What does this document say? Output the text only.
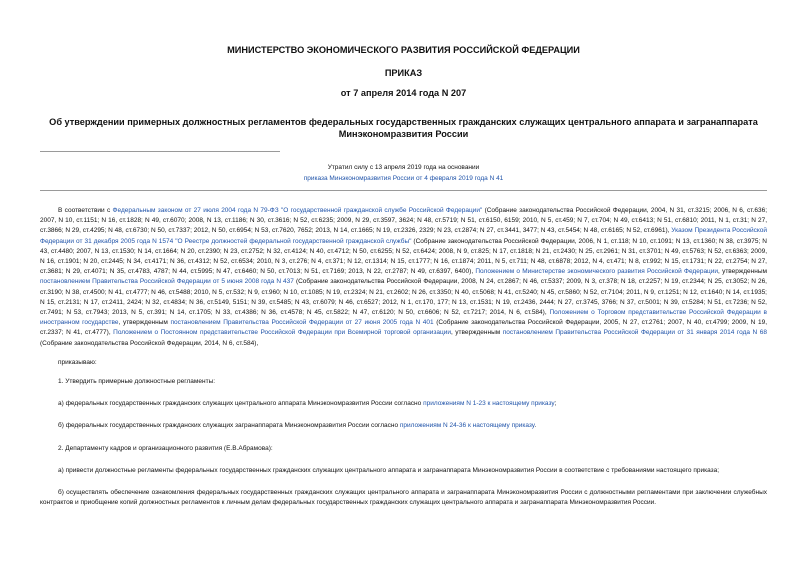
МИНИСТЕРСТВО ЭКОНОМИЧЕСКОГО РАЗВИТИЯ РОССИЙСКОЙ ФЕДЕРАЦИИ
ПРИКАЗ
от 7 апреля 2014 года N 207
Об утверждении примерных должностных регламентов федеральных государственных гражданских служащих центрального аппарата и загранаппарата
Минэкономразвития России
Утратил силу с 13 апреля 2019 года на основании
приказа Минэкономразвития России от 4 февраля 2019 года N 41

В соответствии с Федеральным законом от 27 июля 2004 года N 79-ФЗ "О государственной гражданской службе Российской Федерации" (Собрание законодательства Российской Федерации, 2004, N 31, ст.3215; 2006, N 6, ст.636; 2007, N 10, ст.1151; N 16, ст.1828; N 49, ст.6070; 2008, N 13, ст.1186; N 30, ст.3616; N 52, ст.6235; 2009, N 29, ст.3597, 3624; N 48, ст.5719; N 51, ст.6150, 6159; 2010, N 5, ст.459; N 7, ст.704; N 49, ст.6413; N 51, ст.6810; 2011, N 1, ст.31; N 27, ст.3866; N 29, ст.4295; N 48, ст.6730; N 50, ст.7337; 2012, N 50, ст.6954; N 53, ст.7620, 7652; 2013, N 14, ст.1665; N 19, ст.2326, 2329; N 23, ст.2874; N 27, ст.3441, 3477; N 43, ст.5454; N 48, ст.6165; N 52, ст.6961), Указом Президента Российской Федерации от 31 декабря 2005 года N 1574 "О Реестре должностей федеральной государственной гражданской службы" (Собрание законодательства Российской Федерации, 2006, N 1, ст.118; N 10, ст.1091; N 13, ст.1360; N 38, ст.3975; N 43, ст.4480; 2007, N 13, ст.1530; N 14, ст.1664; N 20, ст.2390; N 23, ст.2752; N 32, ст.4124; N 40, ст.4712; N 50, ст.6255; N 52, ст.6424; 2008, N 9, ст.825; N 17, ст.1818; N 21, ст.2430; N 25, ст.2961; N 31, ст.3701; N 49, ст.5763; N 52, ст.6363; 2009, N 16, ст.1901; N 20, ст.2445; N 34, ст.4171; N 36, ст.4312; N 52, ст.6534; 2010, N 3, ст.276; N 4, ст.371; N 12, ст.1314; N 15, ст.1777; N 16, ст.1874; 2011, N 5, ст.711; N 48, ст.6878; 2012, N 4, ст.471; N 8, ст.992; N 15, ст.1731; N 22, ст.2754; N 27, ст.3681; N 29, ст.4071; N 35, ст.4783, 4787; N 44, ст.5995; N 47, ст.6460; N 50, ст.7013; N 51, ст.7169; 2013, N 22, ст.2787; N 49, ст.6397, 6400), Положением о Министерстве экономического развития Российской Федерации, утвержденным постановлением Правительства Российской Федерации от 5 июня 2008 года N 437 (Собрание законодательства Российской Федерации, 2008, N 24, ст.2867; N 46, ст.5337; 2009, N 3, ст.378; N 18, ст.2257; N 19, ст.2344; N 25, ст.3052; N 26, ст.3190; N 38, ст.4500; N 41, ст.4777; N 46, ст.5488; 2010, N 5, ст.532; N 9, ст.960; N 10, ст.1085; N 19, ст.2324; N 21, ст.2602; N 26, ст.3350; N 40, ст.5068; N 41, ст.5240; N 45, ст.5860; N 52, ст.7104; 2011, N 9, ст.1251; N 12, ст.1640; N 14, ст.1935; N 15, ст.2131; N 17, ст.2411, 2424; N 32, ст.4834; N 36, ст.5149, 5151; N 39, ст.5485; N 43, ст.6079; N 46, ст.6527; 2012, N 1, ст.170, 177; N 13, ст.1531; N 19, ст.2436, 2444; N 27, ст.3745, 3766; N 37, ст.5001; N 39, ст.5284; N 51, ст.7236; N 52, ст.7491; N 53, ст.7943; 2013, N 5, ст.391; N 14, ст.1705; N 33, ст.4386; N 36, ст.4578; N 45, ст.5822; N 47, ст.6120; N 50, ст.6606; N 52, ст.7217; 2014, N 6, ст.584), Положением о Торговом представительстве Российской Федерации в иностранном государстве, утвержденным постановлением Правительства Российской Федерации от 27 июня 2005 года N 401 (Собрание законодательства Российской Федерации, 2005, N 27, ст.2761; 2007, N 40, ст.4799; 2009, N 19, ст.2337; N 41, ст.4777), Положением о Постоянном представительстве Российской Федерации при Всемирной торговой организации, утвержденным постановлением Правительства Российской Федерации от 31 января 2014 года N 68 (Собрание законодательства Российской Федерации, 2014, N 6, ст.584),

приказываю:

1. Утвердить примерные должностные регламенты:

а) федеральных государственных гражданских служащих центрального аппарата Минэкономразвития России согласно приложениям N 1-23 к настоящему приказу;

б) федеральных государственных гражданских служащих загранаппарата Минэкономразвития России согласно приложениям N 24-36 к настоящему приказу.

2. Департаменту кадров и организационного развития (Е.В.Абрамова):

а) привести должностные регламенты федеральных государственных гражданских служащих центрального аппарата и загранаппарата Минэкономразвития России в соответствие с требованиями настоящего приказа;

б) осуществлять обеспечение ознакомления федеральных государственных гражданских служащих центрального аппарата и загранаппарата Минэкономразвития России с должностными регламентами при заключении служебных контрактов и приобщение копий должностных регламентов к личным делам федеральных государственных гражданских служащих центрального аппарата и загранаппарата Минэкономразвития России.
